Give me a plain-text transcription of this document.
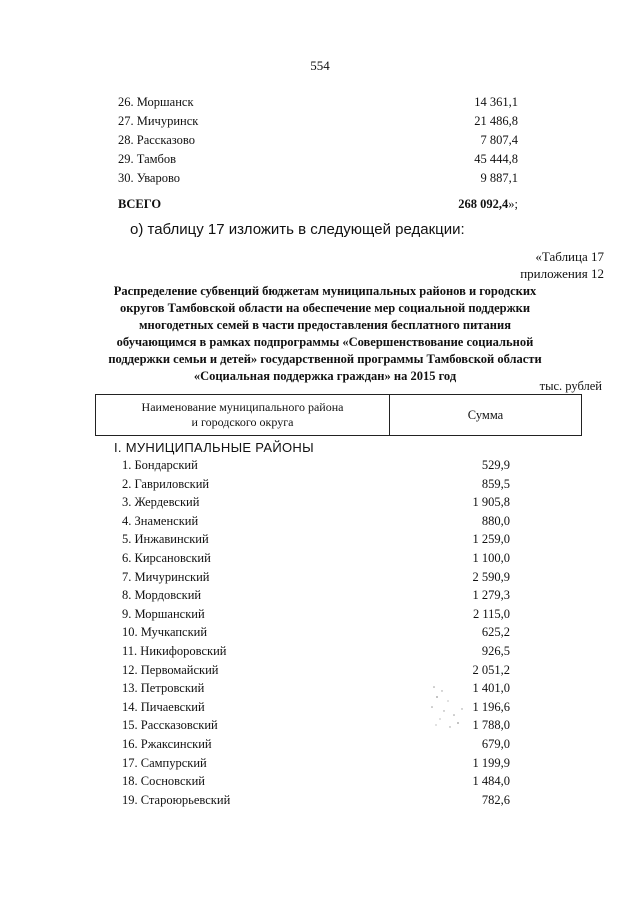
554
26. Моршанск	14 361,1
27. Мичуринск	21 486,8
28. Рассказово	7 807,4
29. Тамбов	45 444,8
30. Уварово	9 887,1
ВСЕГО	268 092,4»;
о) таблицу 17 изложить в следующей редакции:
«Таблица 17
приложения 12
Распределение субвенций бюджетам муниципальных районов и городских
округов Тамбовской области на обеспечение мер социальной поддержки
многодетных семей в части предоставления бесплатного питания
обучающимся в рамках подпрограммы «Совершенствование социальной
поддержки семьи и детей» государственной программы Тамбовской области
«Социальная поддержка граждан» на 2015 год
тыс. рублей
Наименование муниципального района
и городского округа
Сумма
I. МУНИЦИПАЛЬНЫЕ РАЙОНЫ
1. Бондарский	529,9
2. Гавриловский	859,5
3. Жердевский	1 905,8
4. Знаменский	880,0
5. Инжавинский	1 259,0
6. Кирсановский	1 100,0
7. Мичуринский	2 590,9
8. Мордовский	1 279,3
9. Моршанский	2 115,0
10. Мучкапский	625,2
11. Никифоровский	926,5
12. Первомайский	2 051,2
13. Петровский	1 401,0
14. Пичаевский	1 196,6
15. Рассказовский	1 788,0
16. Ржаксинский	679,0
17. Сампурский	1 199,9
18. Сосновский	1 484,0
19. Староюрьевский	782,6
